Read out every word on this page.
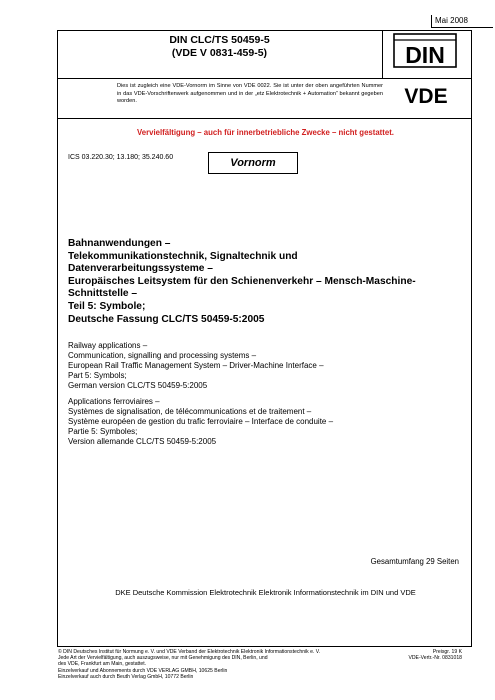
Mai 2008
DIN CLC/TS 50459-5
(VDE V 0831-459-5)	DIN
VDE
Dies ist zugleich eine VDE-Vornorm im Sinne von VDE 0022. Sie ist unter der oben angeführten Nummer in das VDE-Vorschriftenwerk aufgenommen und in der „etz Elektrotechnik + Automation“ bekannt gegeben worden.
Vervielfältigung – auch für innerbetriebliche Zwecke – nicht gestattet.
ICS 03.220.30; 13.180; 35.240.60	Vornorm
Bahnanwendungen –
Telekommunikationstechnik, Signaltechnik und
Datenverarbeitungssysteme –
Europäisches Leitsystem für den Schienenverkehr – Mensch-Maschine-
Schnittstelle –
Teil 5: Symbole;
Deutsche Fassung CLC/TS 50459-5:2005
Railway applications –
Communication, signalling and processing systems –
European Rail Traffic Management System – Driver-Machine Interface –
Part 5: Symbols;
German version CLC/TS 50459-5:2005
Applications ferroviaires –
Systèmes de signalisation, de télécommunications et de traitement –
Système européen de gestion du trafic ferroviaire – Interface de conduite –
Partie 5: Symboles;
Version allemande CLC/TS 50459-5:2005
Gesamtumfang 29 Seiten
DKE Deutsche Kommission Elektrotechnik Elektronik Informationstechnik im DIN und VDE
© DIN Deutsches Institut für Normung e. V. und VDE Verband der Elektrotechnik Elektronik Informationstechnik e. V.
Jede Art der Vervielfältigung, auch auszugsweise, nur mit Genehmigung des DIN, Berlin, und
des VDE, Frankfurt am Main, gestattet.
Einzelverkauf und Abonnements durch VDE VERLAG GMBH, 10625 Berlin
Einzelverkauf auch durch Beuth Verlag GmbH, 10772 Berlin
Preisgr. 19 K
VDE-Vertr.-Nr. 0831018
